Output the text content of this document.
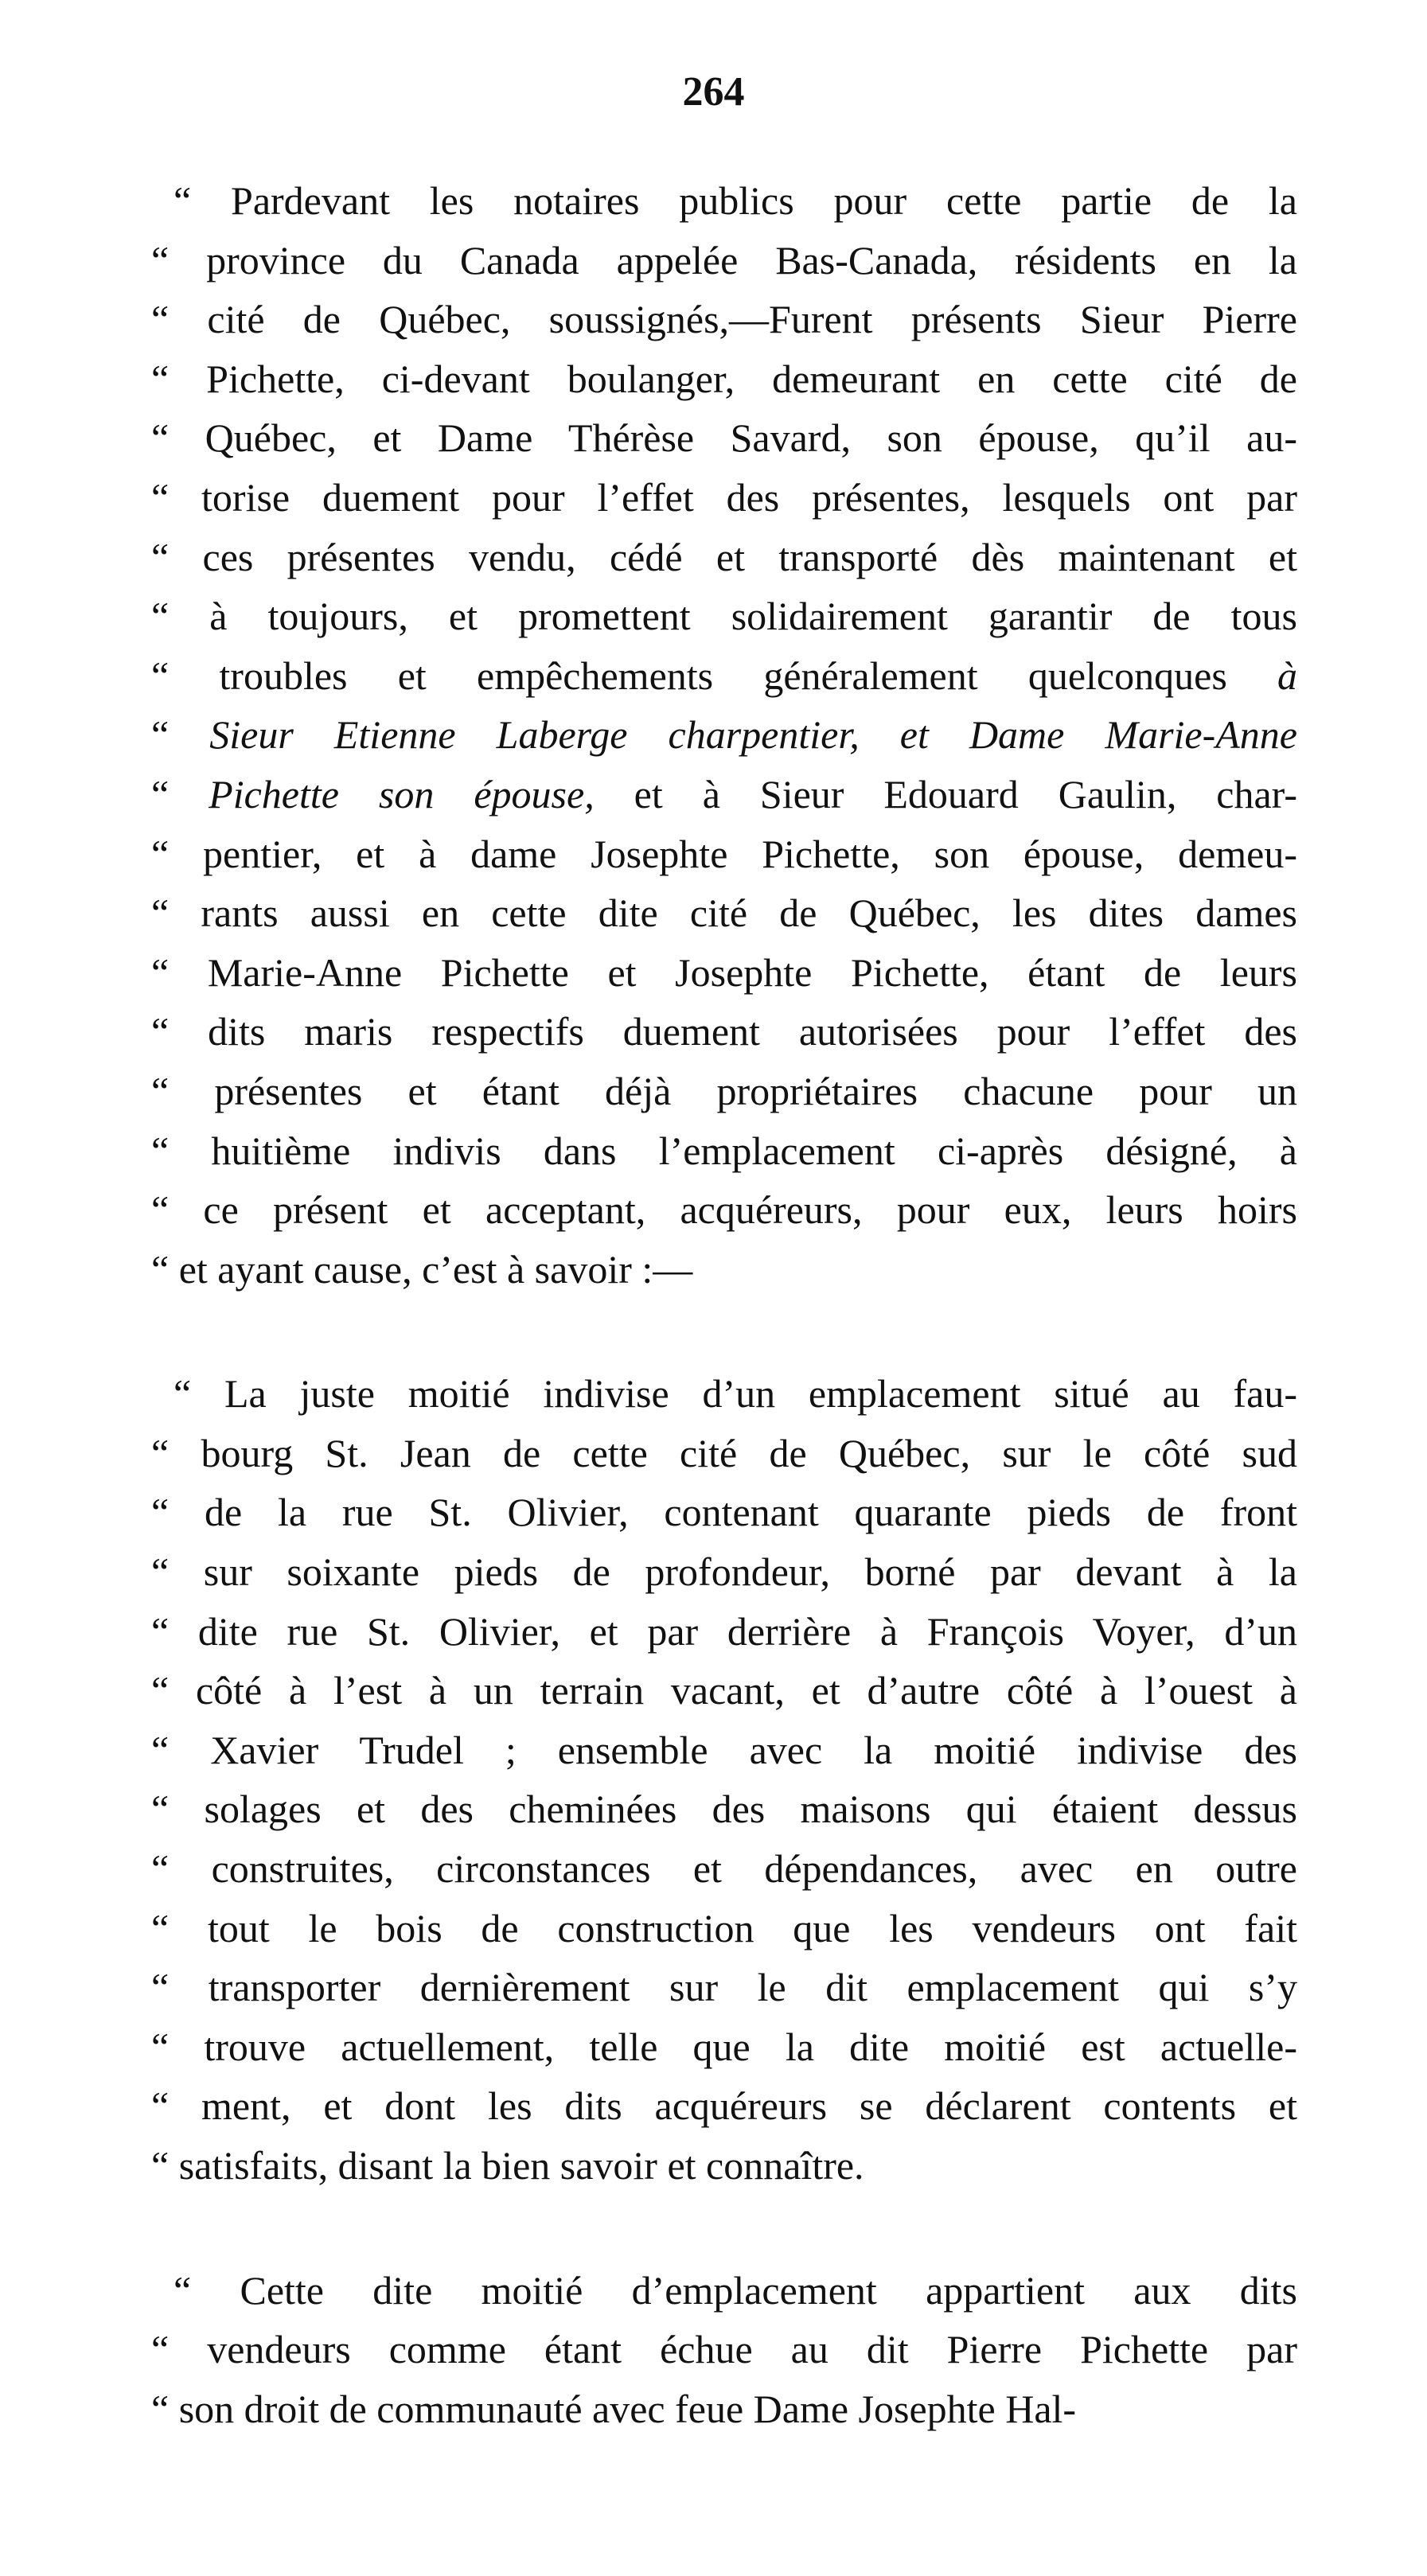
264
“ Pardevant les notaires publics pour cette partie de la
“ province du Canada appelée Bas-Canada, résidents en la
“ cité de Québec, soussignés,—Furent présents Sieur Pierre
“ Pichette, ci-devant boulanger, demeurant en cette cité de
“ Québec, et Dame Thérèse Savard, son épouse, qu’il au-
“ torise duement pour l’effet des présentes, lesquels ont par
“ ces présentes vendu, cédé et transporté dès maintenant et
“ à toujours, et promettent solidairement garantir de tous
“ troubles et empêchements généralement quelconques à
“ Sieur Etienne Laberge charpentier, et Dame Marie-Anne
“ Pichette son épouse, et à Sieur Edouard Gaulin, char-
“ pentier, et à dame Josephte Pichette, son épouse, demeu-
“ rants aussi en cette dite cité de Québec, les dites dames
“ Marie-Anne Pichette et Josephte Pichette, étant de leurs
“ dits maris respectifs duement autorisées pour l’effet des
“ présentes et étant déjà propriétaires chacune pour un
“ huitième indivis dans l’emplacement ci-après désigné, à
“ ce présent et acceptant, acquéreurs, pour eux, leurs hoirs
“ et ayant cause, c’est à savoir :—
“ La juste moitié indivise d’un emplacement situé au fau-
“ bourg St. Jean de cette cité de Québec, sur le côté sud
“ de la rue St. Olivier, contenant quarante pieds de front
“ sur soixante pieds de profondeur, borné par devant à la
“ dite rue St. Olivier, et par derrière à François Voyer, d’un
“ côté à l’est à un terrain vacant, et d’autre côté à l’ouest à
“ Xavier Trudel ; ensemble avec la moitié indivise des
“ solages et des cheminées des maisons qui étaient dessus
“ construites, circonstances et dépendances, avec en outre
“ tout le bois de construction que les vendeurs ont fait
“ transporter dernièrement sur le dit emplacement qui s’y
“ trouve actuellement, telle que la dite moitié est actuelle-
“ ment, et dont les dits acquéreurs se déclarent contents et
“ satisfaits, disant la bien savoir et connaître.
“ Cette dite moitié d’emplacement appartient aux dits
“ vendeurs comme étant échue au dit Pierre Pichette par
“ son droit de communauté avec feue Dame Josephte Hal-
